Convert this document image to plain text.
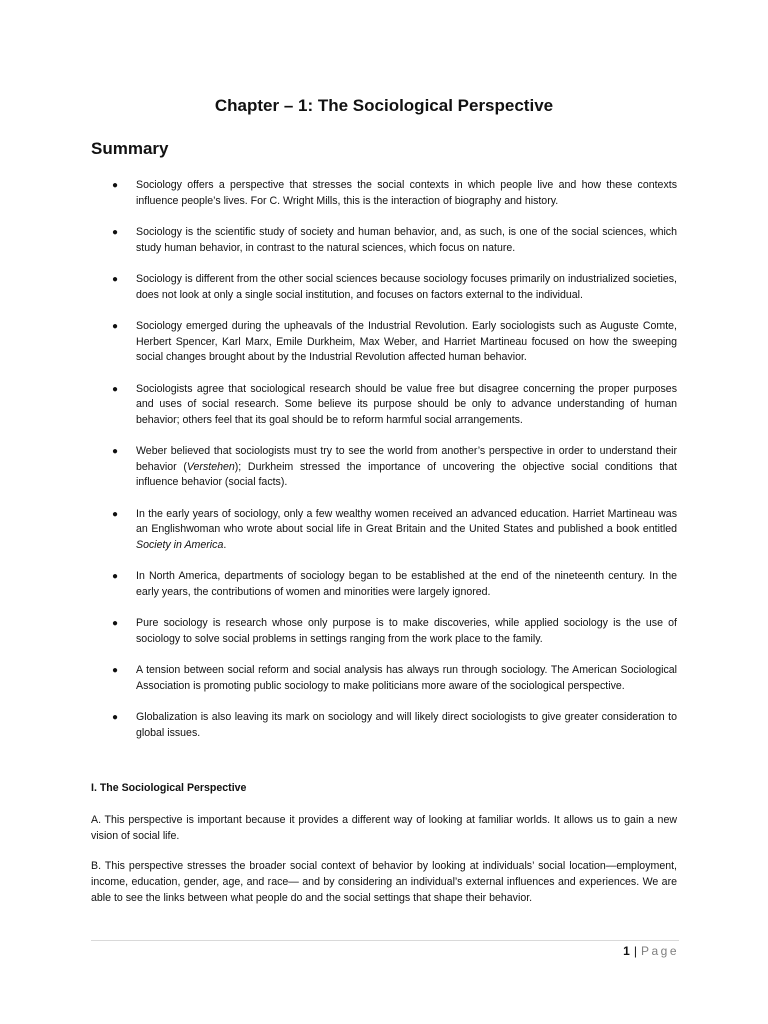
Chapter – 1: The Sociological Perspective
Summary
● Sociology offers a perspective that stresses the social contexts in which people live and how these contexts influence people’s lives. For C. Wright Mills, this is the interaction of biography and history.
● Sociology is the scientific study of society and human behavior, and, as such, is one of the social sciences, which study human behavior, in contrast to the natural sciences, which focus on nature.
● Sociology is different from the other social sciences because sociology focuses primarily on industrialized societies, does not look at only a single social institution, and focuses on factors external to the individual.
● Sociology emerged during the upheavals of the Industrial Revolution. Early sociologists such as Auguste Comte, Herbert Spencer, Karl Marx, Emile Durkheim, Max Weber, and Harriet Martineau focused on how the sweeping social changes brought about by the Industrial Revolution affected human behavior.
● Sociologists agree that sociological research should be value free but disagree concerning the proper purposes and uses of social research. Some believe its purpose should be only to advance understanding of human behavior; others feel that its goal should be to reform harmful social arrangements.
● Weber believed that sociologists must try to see the world from another’s perspective in order to understand their behavior (Verstehen); Durkheim stressed the importance of uncovering the objective social conditions that influence behavior (social facts).
● In the early years of sociology, only a few wealthy women received an advanced education. Harriet Martineau was an Englishwoman who wrote about social life in Great Britain and the United States and published a book entitled Society in America.
● In North America, departments of sociology began to be established at the end of the nineteenth century. In the early years, the contributions of women and minorities were largely ignored.
● Pure sociology is research whose only purpose is to make discoveries, while applied sociology is the use of sociology to solve social problems in settings ranging from the work place to the family.
● A tension between social reform and social analysis has always run through sociology. The American Sociological Association is promoting public sociology to make politicians more aware of the sociological perspective.
● Globalization is also leaving its mark on sociology and will likely direct sociologists to give greater consideration to global issues.
I. The Sociological Perspective

A. This perspective is important because it provides a different way of looking at familiar worlds. It allows us to gain a new vision of social life.

B. This perspective stresses the broader social context of behavior by looking at individuals’ social location—employment, income, education, gender, age, and race— and by considering an individual’s external influences and experiences. We are able to see the links between what people do and the social settings that shape their behavior.

1 | Page
